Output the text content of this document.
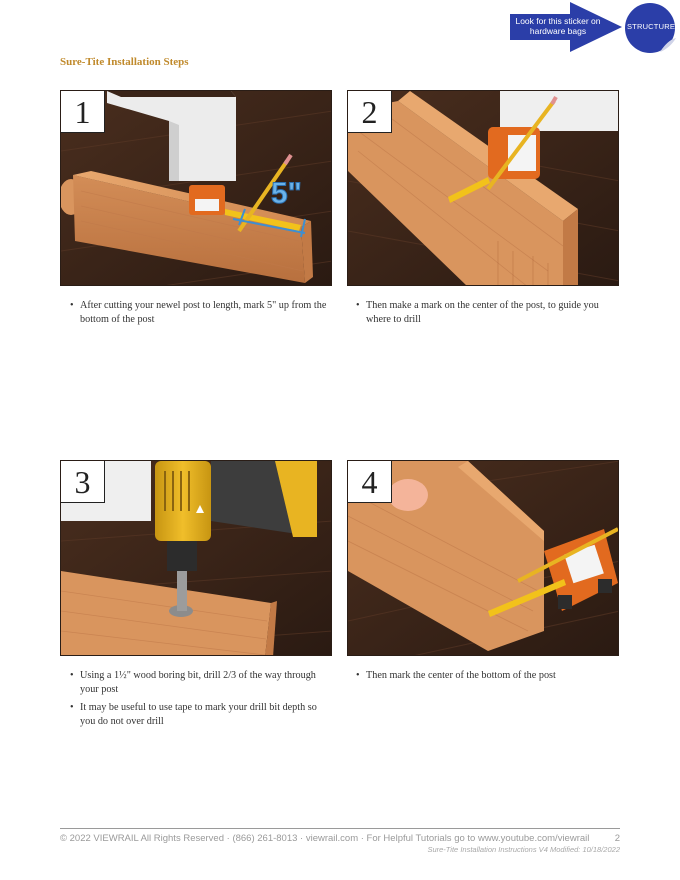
Look for this sticker on hardware bags	STRUCTURE
Sure-Tite Installation Steps
1
5"
2
• After cutting your newel post to length, mark 5" up from the bottom of the post
• Then make a mark on the center of the post, to guide you where to drill
3	4
• Using a 1½" wood boring bit, drill 2/3 of the way through your post
• It may be useful to use tape to mark your drill bit depth so you do not over drill
• Then mark the center of the bottom of the post
© 2022 VIEWRAIL All Rights Reserved · (866) 261-8013 · viewrail.com · For Helpful Tutorials go to www.youtube.com/viewrail	2
Sure-Tite Installation Instructions V4 Modified: 10/18/2022
